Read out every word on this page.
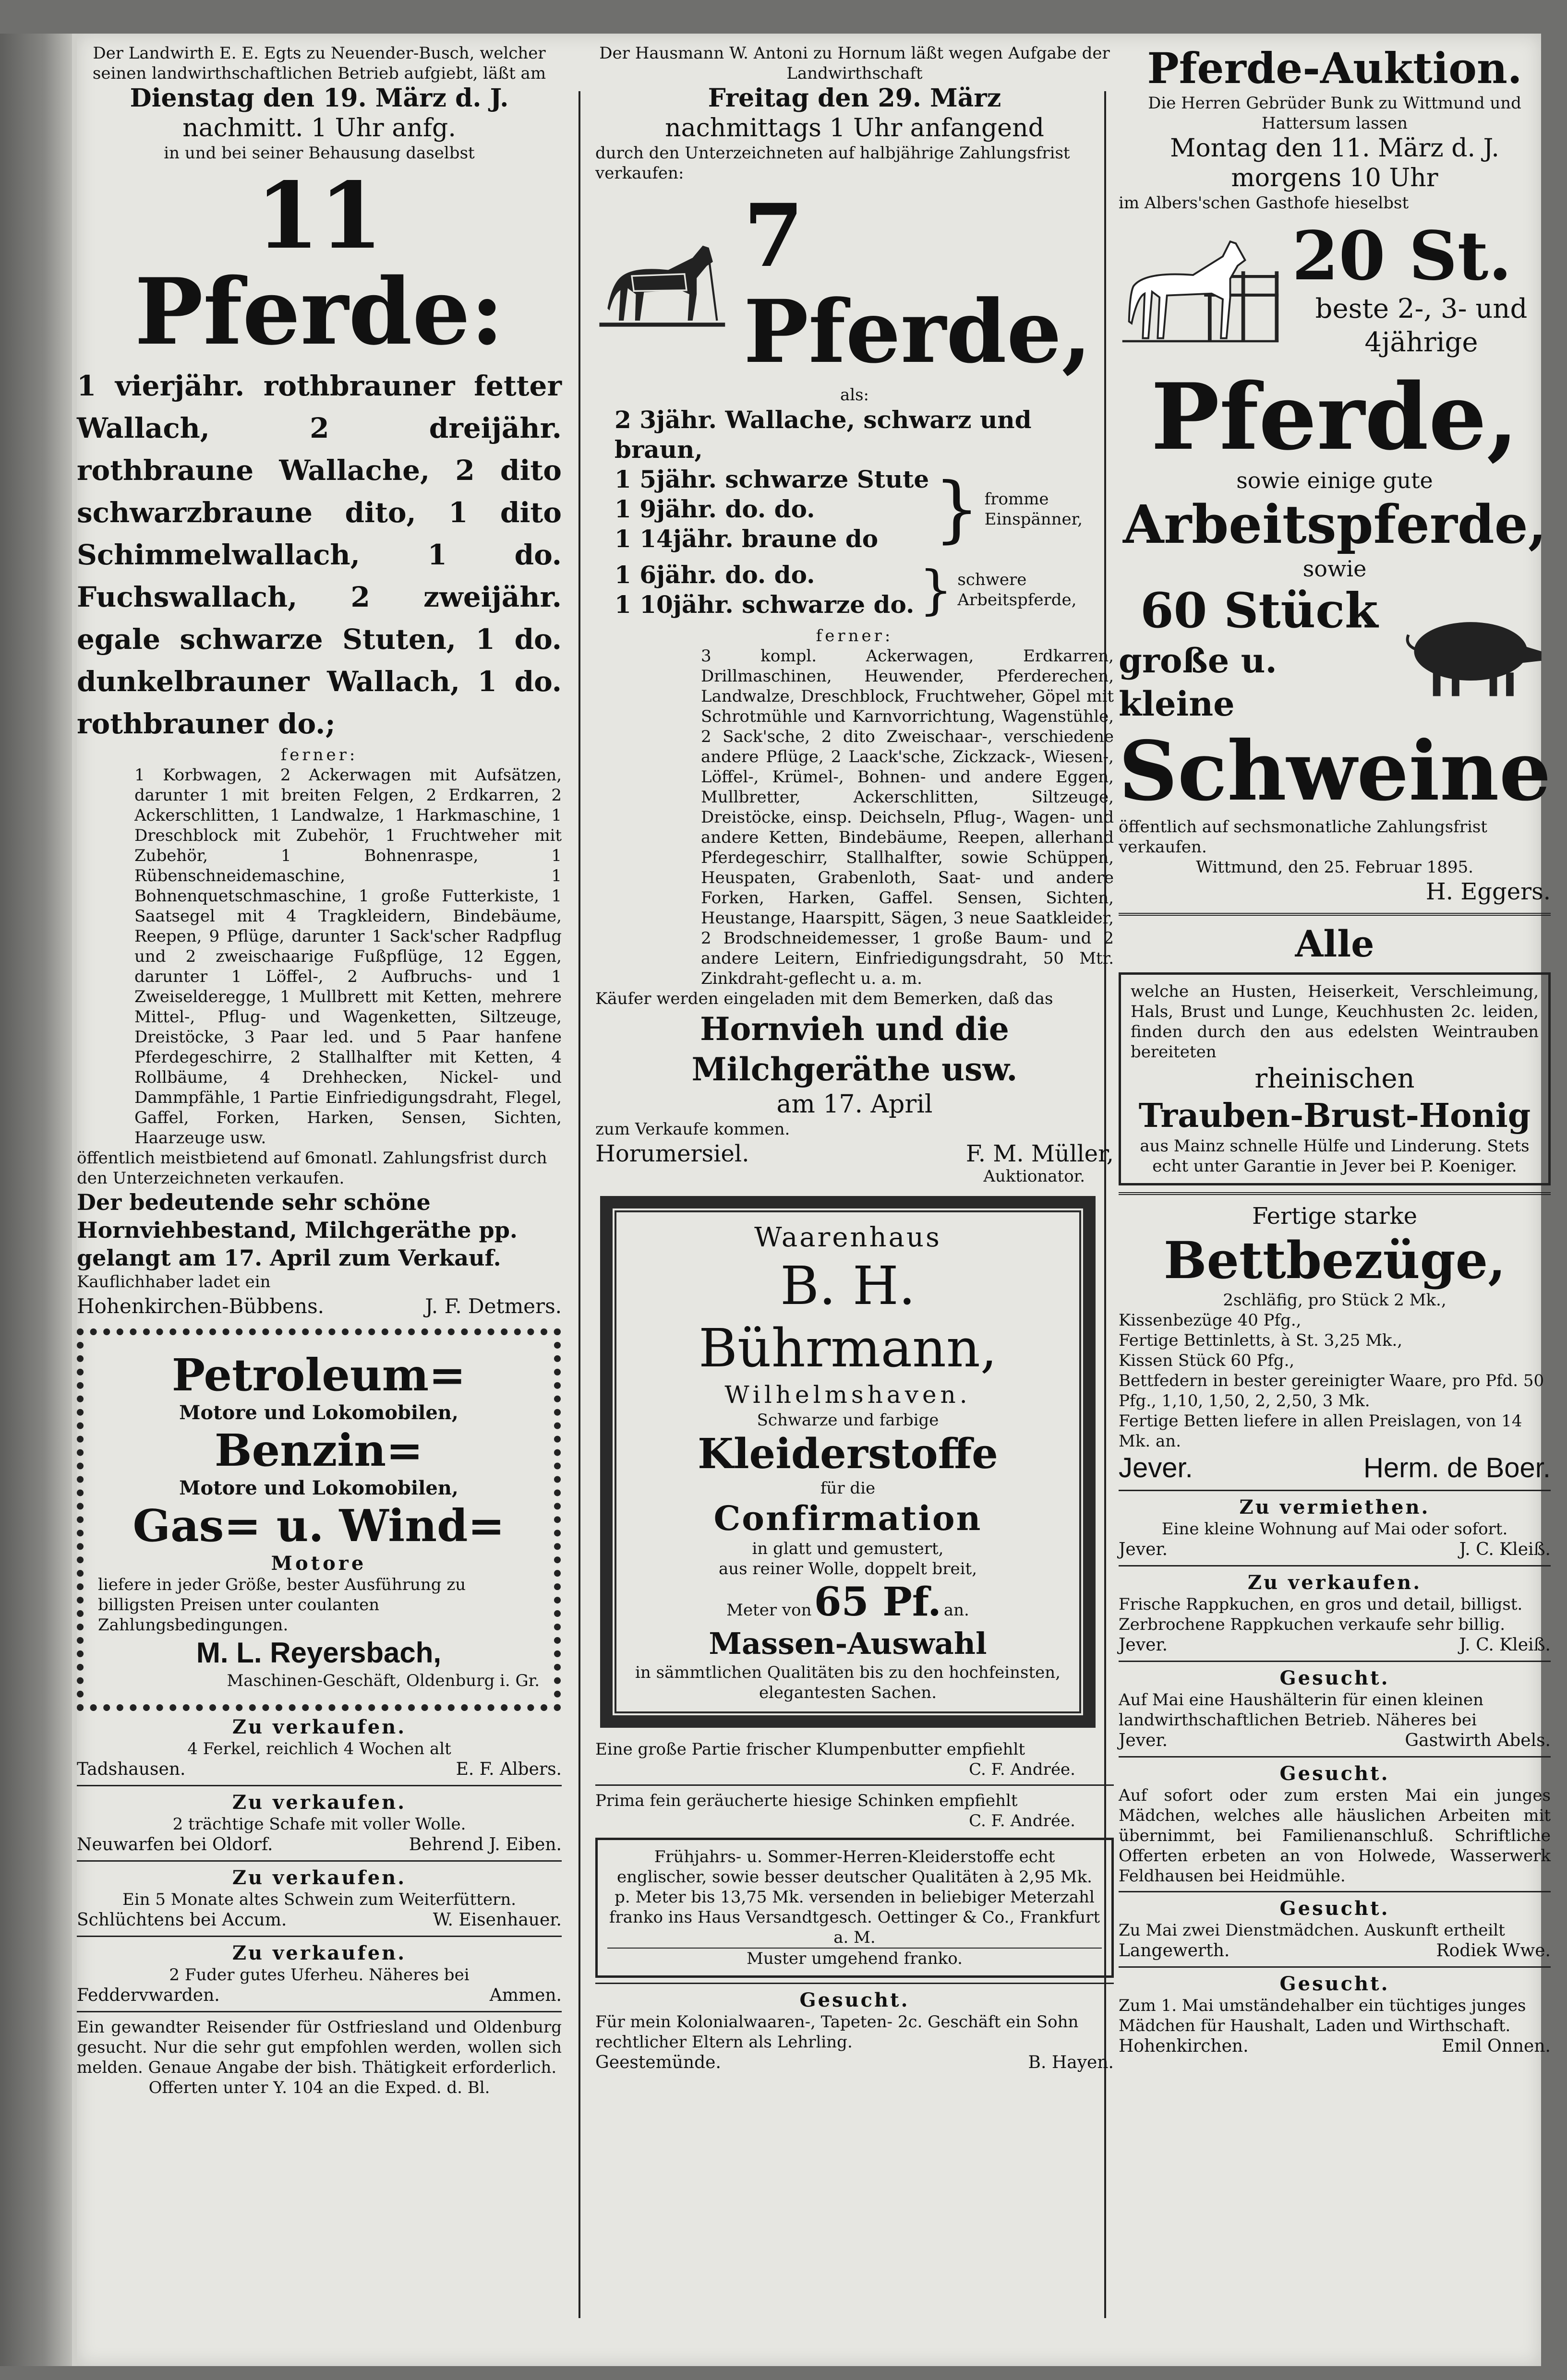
Der Landwirth E. E. Egts zu Neuender-Busch, welcher seinen landwirthschaftlichen Betrieb aufgiebt, läßt am
Dienstag den 19. März d. J.
nachmitt. 1 Uhr anfg.
in und bei seiner Behausung daselbst
11 Pferde:
1 vierjähr. rothbrauner fetter Wallach, 2 dreijähr. rothbraune Wallache, 2 dito schwarzbraune dito, 1 dito Schimmelwallach, 1 do. Fuchswallach, 2 zweijähr. egale schwarze Stuten, 1 do. dunkelbrauner Wallach, 1 do. rothbrauner do.;
ferner:
1 Korbwagen, 2 Ackerwagen mit Aufsätzen, darunter 1 mit breiten Felgen, 2 Erdkarren, 2 Ackerschlitten, 1 Landwalze, 1 Harkmaschine, 1 Dreschblock mit Zubehör, 1 Fruchtweher mit Zubehör, 1 Bohnenraspe, 1 Rübenschneidemaschine, 1 Bohnenquetschmaschine, 1 große Futterkiste, 1 Saatsegel mit 4 Tragkleidern, Bindebäume, Reepen, 9 Pflüge, darunter 1 Sack'scher Radpflug und 2 zweischaarige Fußpflüge, 12 Eggen, darunter 1 Löffel-, 2 Aufbruchs- und 1 Zweiselderegge, 1 Mullbrett mit Ketten, mehrere Mittel-, Pflug- und Wagenketten, Siltzeuge, Dreistöcke, 3 Paar led. und 5 Paar hanfene Pferdegeschirre, 2 Stallhalfter mit Ketten, 4 Rollbäume, 4 Drehhecken, Nickel- und Dammpfähle, 1 Partie Einfriedigungsdraht, Flegel, Gaffel, Forken, Harken, Sensen, Sichten, Haarzeuge usw.
öffentlich meistbietend auf 6monatl. Zahlungsfrist durch den Unterzeichneten verkaufen.
Der bedeutende sehr schöne Hornviehbestand, Milchgeräthe pp. gelangt am 17. April zum Verkauf.
Kauflichhaber ladet ein
Hohenkirchen-Bübbens.	J. F. Detmers.
Petroleum=
Motore und Lokomobilen,
Benzin=
Motore und Lokomobilen,
Gas= u. Wind=
Motore
liefere in jeder Größe, bester Ausführung zu billigsten Preisen unter coulanten Zahlungsbedingungen.
M. L. Reyersbach,
Maschinen-Geschäft, Oldenburg i. Gr.
Zu verkaufen.
4 Ferkel, reichlich 4 Wochen alt
Tadshausen.	E. F. Albers.
Zu verkaufen.
2 trächtige Schafe mit voller Wolle.
Neuwarfen bei Oldorf.	Behrend J. Eiben.
Zu verkaufen.
Ein 5 Monate altes Schwein zum Weiterfüttern.
Schlüchtens bei Accum.	W. Eisenhauer.
Zu verkaufen.
2 Fuder gutes Uferheu. Näheres bei
Feddervwarden.	Ammen.
Ein gewandter Reisender für Ostfriesland und Oldenburg gesucht. Nur die sehr gut empfohlen werden, wollen sich melden. Genaue Angabe der bish. Thätigkeit erforderlich.
Offerten unter Y. 104 an die Exped. d. Bl.
Der Hausmann W. Antoni zu Hornum läßt wegen Aufgabe der Landwirthschaft
Freitag den 29. März
nachmittags 1 Uhr anfangend
durch den Unterzeichneten auf halbjährige Zahlungsfrist verkaufen:
7 Pferde,
als:
2 3jähr. Wallache, schwarz und braun,
1 5jähr. schwarze Stute
1 9jähr. do. do.
1 14jähr. braune do } fromme Einspänner,
1 6jähr. do. do.
1 10jähr. schwarze do. } schwere Arbeitspferde,
ferner:
3 kompl. Ackerwagen, Erdkarren, Drillmaschinen, Heuwender, Pferderechen, Landwalze, Dreschblock, Fruchtweher, Göpel mit Schrotmühle und Karnvorrichtung, Wagenstühle, 2 Sack'sche, 2 dito Zweischaar-, verschiedene andere Pflüge, 2 Laack'sche, Zickzack-, Wiesen-, Löffel-, Krümel-, Bohnen- und andere Eggen, Mullbretter, Ackerschlitten, Siltzeuge, Dreistöcke, einsp. Deichseln, Pflug-, Wagen- und andere Ketten, Bindebäume, Reepen, allerhand Pferdegeschirr, Stallhalfter, sowie Schüppen, Heuspaten, Grabenloth, Saat- und andere Forken, Harken, Gaffel. Sensen, Sichten, Heustange, Haarspitt, Sägen, 3 neue Saatkleider, 2 Brodschneidemesser, 1 große Baum- und 2 andere Leitern, Einfriedigungsdraht, 50 Mtr. Zinkdraht-geflecht u. a. m.
Käufer werden eingeladen mit dem Bemerken, daß das
Hornvieh und die Milchgeräthe usw.
am 17. April
zum Verkaufe kommen.
Horumersiel.	F. M. Müller,
Auktionator.
Waarenhaus
B. H. Bührmann,
Wilhelmshaven.
Schwarze und farbige
Kleiderstoffe
für die
Confirmation
in glatt und gemustert,
aus reiner Wolle, doppelt breit,
Meter von 65 Pf. an.
Massen-Auswahl
in sämmtlichen Qualitäten bis zu den hochfeinsten, elegantesten Sachen.
Eine große Partie frischer Klumpenbutter empfiehlt
C. F. Andrée.
Prima fein geräucherte hiesige Schinken empfiehlt
C. F. Andrée.
Frühjahrs- u. Sommer-Herren-Kleiderstoffe echt englischer, sowie besser deutscher Qualitäten à 2,95 Mk. p. Meter bis 13,75 Mk. versenden in beliebiger Meterzahl franko ins Haus Versandtgesch. Oettinger & Co., Frankfurt a. M.
Muster umgehend franko.
Gesucht.
Für mein Kolonialwaaren-, Tapeten- 2c. Geschäft ein Sohn rechtlicher Eltern als Lehrling.
Geestemünde.	B. Hayen.
Pferde-Auktion.
Die Herren Gebrüder Bunk zu Wittmund und Hattersum lassen
Montag den 11. März d. J.
morgens 10 Uhr
im Albers'schen Gasthofe hieselbst
20 St.
beste 2-, 3- und 4jährige
Pferde,
sowie einige gute
Arbeitspferde,
sowie
60 Stück
große u. kleine
Schweine
öffentlich auf sechsmonatliche Zahlungsfrist verkaufen.
Wittmund, den 25. Februar 1895.
H. Eggers.
Alle
welche an Husten, Heiserkeit, Verschleimung, Hals, Brust und Lunge, Keuchhusten 2c. leiden, finden durch den aus edelsten Weintrauben bereiteten
rheinischen
Trauben-Brust-Honig
aus Mainz schnelle Hülfe und Linderung. Stets echt unter Garantie in Jever bei P. Koeniger.
Fertige starke
Bettbezüge,
2schläfig, pro Stück 2 Mk.,
Kissenbezüge 40 Pfg.,
Fertige Bettinletts, à St. 3,25 Mk.,
Kissen Stück 60 Pfg.,
Bettfedern in bester gereinigter Waare, pro Pfd. 50 Pfg., 1,10, 1,50, 2, 2,50, 3 Mk.
Fertige Betten liefere in allen Preislagen, von 14 Mk. an.
Jever.	Herm. de Boer.
Zu vermiethen.
Eine kleine Wohnung auf Mai oder sofort.
Jever.	J. C. Kleiß.
Zu verkaufen.
Frische Rappkuchen, en gros und detail, billigst. Zerbrochene Rappkuchen verkaufe sehr billig.
Jever.	J. C. Kleiß.
Gesucht.
Auf Mai eine Haushälterin für einen kleinen landwirthschaftlichen Betrieb. Näheres bei
Jever.	Gastwirth Abels.
Gesucht.
Auf sofort oder zum ersten Mai ein junges Mädchen, welches alle häuslichen Arbeiten mit übernimmt, bei Familienanschluß. Schriftliche Offerten erbeten an von Holwede, Wasserwerk Feldhausen bei Heidmühle.
Gesucht.
Zu Mai zwei Dienstmädchen. Auskunft ertheilt
Langewerth.	Rodiek Wwe.
Gesucht.
Zum 1. Mai umständehalber ein tüchtiges junges Mädchen für Haushalt, Laden und Wirthschaft.
Hohenkirchen.	Emil Onnen.
